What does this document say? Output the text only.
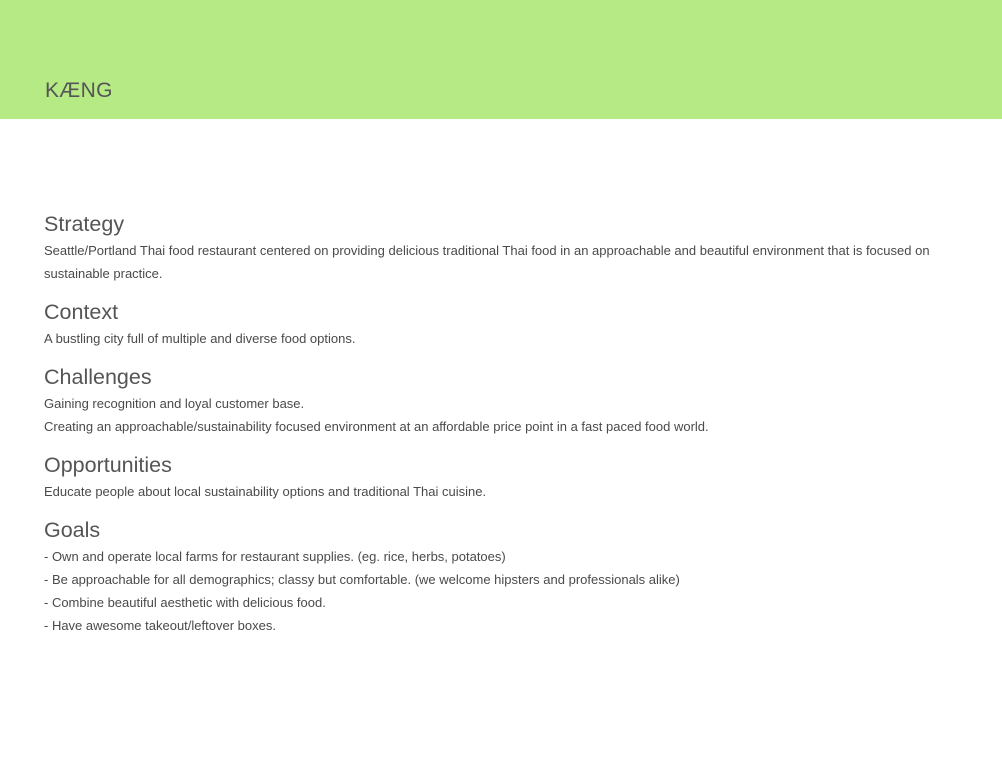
KÆNG
Strategy

Seattle/Portland Thai food restaurant centered on providing delicious traditional Thai food in an approachable and beautiful environment that is focused on sustainable practice.

Context

A bustling city full of multiple and diverse food options.

Challenges

Gaining recognition and loyal customer base.
Creating an approachable/sustainability focused environment at an affordable price point in a fast paced food world.

Opportunities

Educate people about local sustainability options and traditional Thai cuisine.

Goals

- Own and operate local farms for restaurant supplies. (eg. rice, herbs, potatoes)
- Be approachable for all demographics; classy but comfortable. (we welcome hipsters and professionals alike)
- Combine beautiful aesthetic with delicious food.
- Have awesome takeout/leftover boxes.
